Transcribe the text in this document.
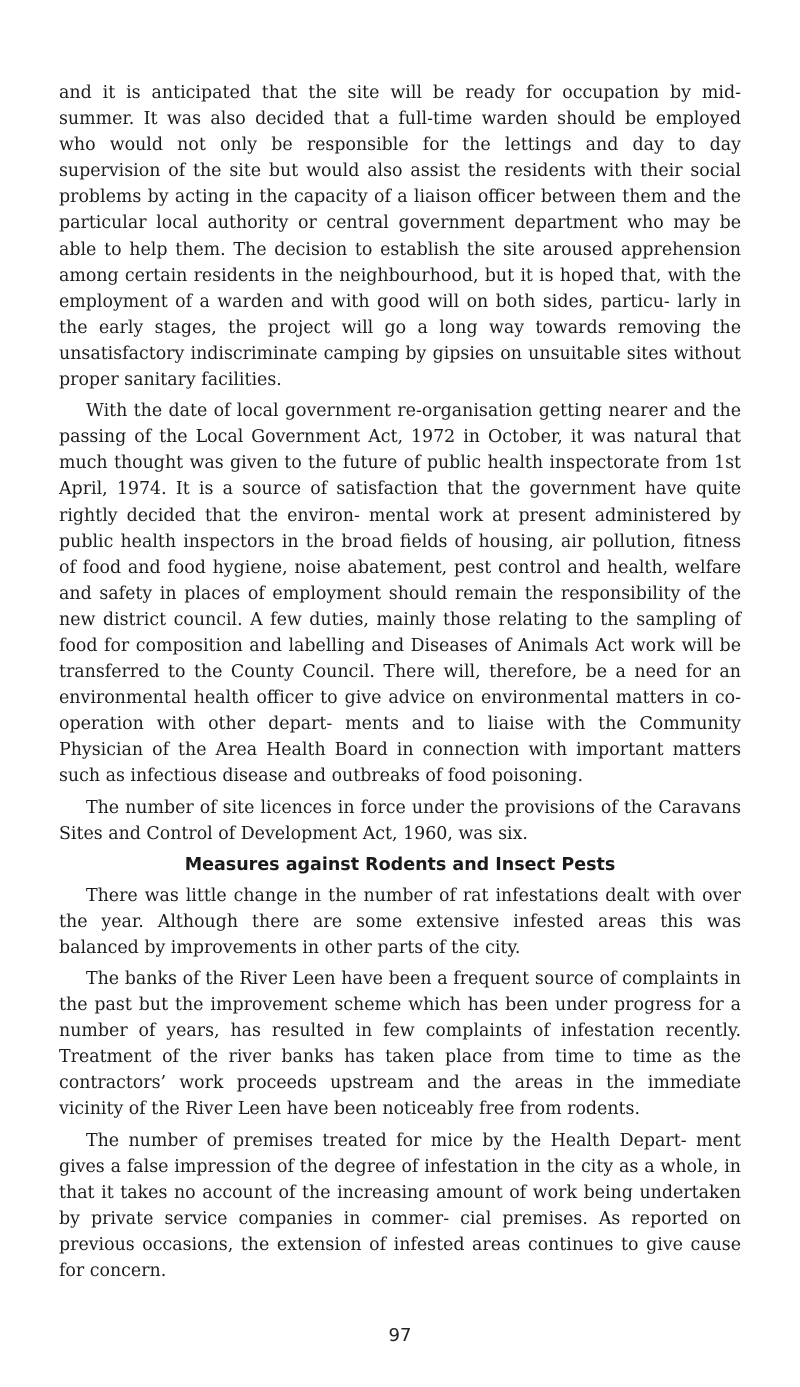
and it is anticipated that the site will be ready for occupation by mid-summer. It was also decided that a full-time warden should be employed who would not only be responsible for the lettings and day to day supervision of the site but would also assist the residents with their social problems by acting in the capacity of a liaison officer between them and the particular local authority or central government department who may be able to help them. The decision to establish the site aroused apprehension among certain residents in the neighbourhood, but it is hoped that, with the employment of a warden and with good will on both sides, particu- larly in the early stages, the project will go a long way towards removing the unsatisfactory indiscriminate camping by gipsies on unsuitable sites without proper sanitary facilities.

With the date of local government re-organisation getting nearer and the passing of the Local Government Act, 1972 in October, it was natural that much thought was given to the future of public health inspectorate from 1st April, 1974. It is a source of satisfaction that the government have quite rightly decided that the environ- mental work at present administered by public health inspectors in the broad fields of housing, air pollution, fitness of food and food hygiene, noise abatement, pest control and health, welfare and safety in places of employment should remain the responsibility of the new district council. A few duties, mainly those relating to the sampling of food for composition and labelling and Diseases of Animals Act work will be transferred to the County Council. There will, therefore, be a need for an environmental health officer to give advice on environmental matters in co-operation with other depart- ments and to liaise with the Community Physician of the Area Health Board in connection with important matters such as infectious disease and outbreaks of food poisoning.

The number of site licences in force under the provisions of the Caravans Sites and Control of Development Act, 1960, was six.

Measures against Rodents and Insect Pests

There was little change in the number of rat infestations dealt with over the year. Although there are some extensive infested areas this was balanced by improvements in other parts of the city.

The banks of the River Leen have been a frequent source of complaints in the past but the improvement scheme which has been under progress for a number of years, has resulted in few complaints of infestation recently. Treatment of the river banks has taken place from time to time as the contractors’ work proceeds upstream and the areas in the immediate vicinity of the River Leen have been noticeably free from rodents.

The number of premises treated for mice by the Health Depart- ment gives a false impression of the degree of infestation in the city as a whole, in that it takes no account of the increasing amount of work being undertaken by private service companies in commer- cial premises. As reported on previous occasions, the extension of infested areas continues to give cause for concern.

97
